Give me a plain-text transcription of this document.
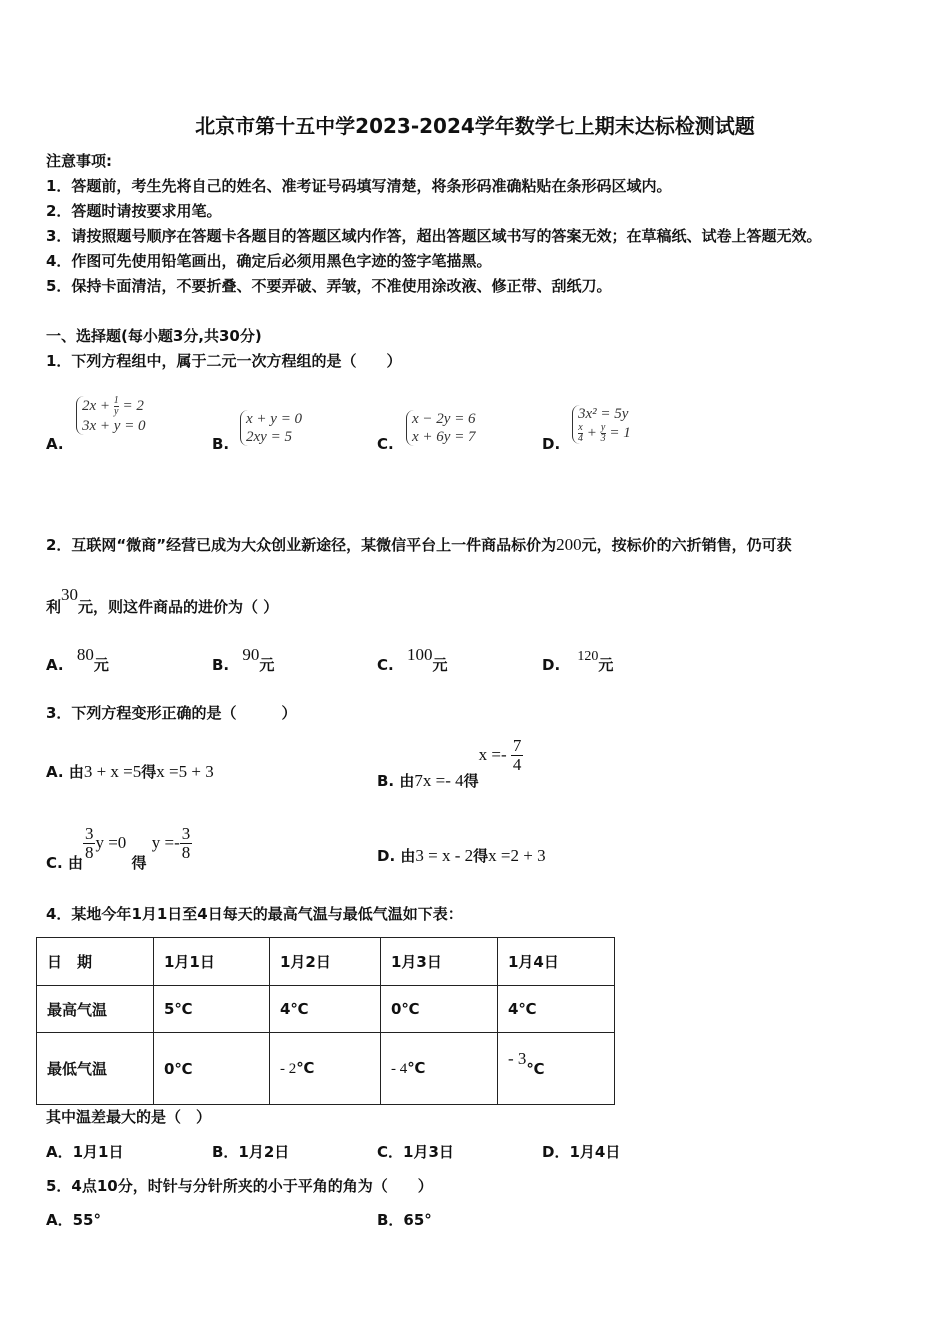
北京市第十五中学2023-2024学年数学七上期末达标检测试题
注意事项:
1．答题前，考生先将自己的姓名、准考证号码填写清楚，将条形码准确粘贴在条形码区域内。
2．答题时请按要求用笔。
3．请按照题号顺序在答题卡各题目的答题区域内作答，超出答题区域书写的答案无效；在草稿纸、试卷上答题无效。
4．作图可先使用铅笔画出，确定后必须用黑色字迹的签字笔描黑。
5．保持卡面清洁，不要折叠、不要弄破、弄皱，不准使用涂改液、修正带、刮纸刀。
一、选择题(每小题3分,共30分)
1．下列方程组中，属于二元一次方程组的是（　　）
A.
$2x + \frac{1}{y} = 2$
3x + y = 0
B.
x + y = 0
2xy = 5	C.
x − 2y = 6
x + 6y = 7	D.
3x² = 5y
$\frac{x}{4} + \frac{y}{3} = 1$
2．互联网“微商”经营已成为大众创业新途径，某微信平台上一件商品标价为200元，按标价的六折销售，仍可获
利30元，则这件商品的进价为（ ）
A. 80元	B. 90元	C. 100元	D. 120元
3．下列方程变形正确的是（　　　）
A. 由3 + x =5得x =5 + 3	B. 由7x =- 4得$x =- \frac{7}{4}$
C. 由
$\frac{3}{8}$ y =0 得 $y =- \frac{3}{8}$	D. 由3 = x - 2得x =2 + 3
4．某地今年1月1日至4日每天的最高气温与最低气温如下表：
日　期	1月1日	1月2日	1月3日	1月4日
最高气温	5℃	4℃	0℃	4℃
最低气温	0℃	- 2℃	- 4℃	- 3℃
其中温差最大的是（　）
A．1月1日	B．1月2日	C．1月3日	D．1月4日
5．4点10分，时针与分针所夹的小于平角的角为（　　）
A．55°	B．65°
